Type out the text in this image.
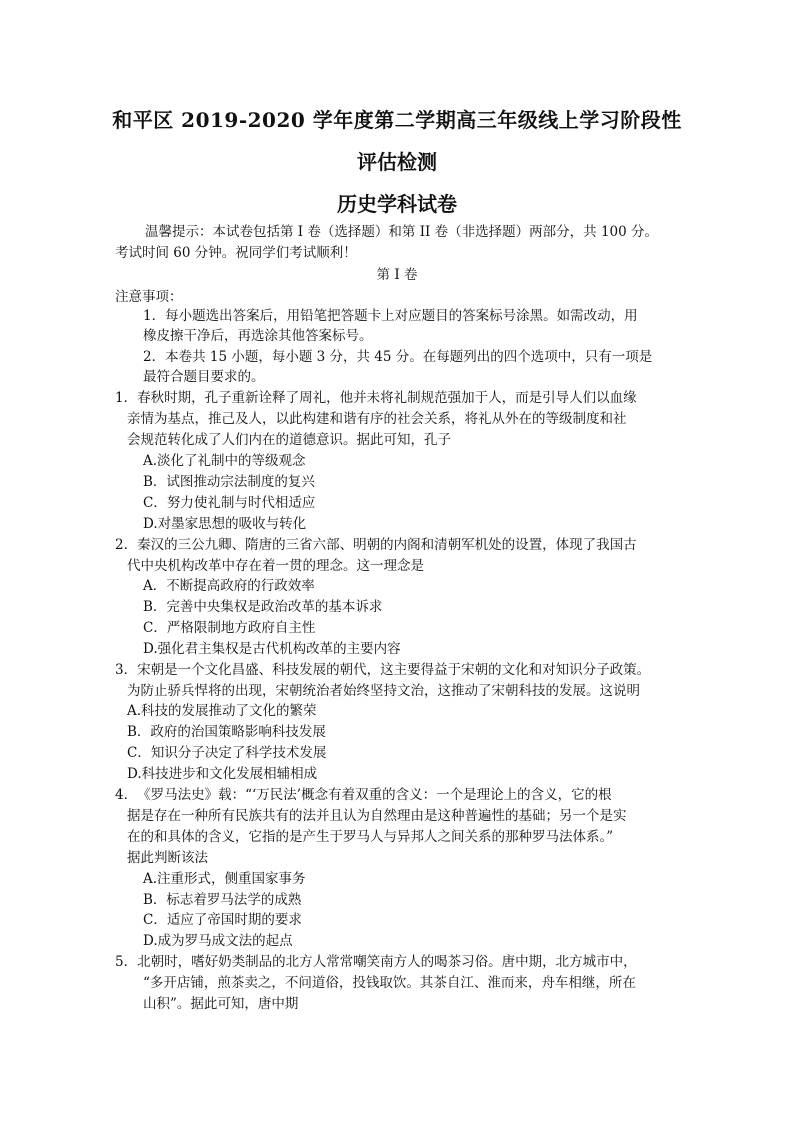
和平区 2019-2020 学年度第二学期高三年级线上学习阶段性
评估检测
历史学科试卷
温馨提示：本试卷包括第 I 卷（选择题）和第 II 卷（非选择题）两部分，共 100 分。
考试时间 60 分钟。祝同学们考试顺利！
第 I 卷
注意事项：
1．每小题选出答案后，用铅笔把答题卡上对应题目的答案标号涂黑。如需改动，用
橡皮擦干净后，再选涂其他答案标号。
2．本卷共 15 小题，每小题 3 分，共 45 分。在每题列出的四个选项中，只有一项是
最符合题目要求的。
1．春秋时期，孔子重新诠释了周礼，他并未将礼制规范强加于人，而是引导人们以血缘
亲情为基点，推己及人，以此构建和谐有序的社会关系，将礼从外在的等级制度和社
会规范转化成了人们内在的道德意识。据此可知，孔子
A.淡化了礼制中的等级观念
B．试图推动宗法制度的复兴
C．努力使礼制与时代相适应
D.对墨家思想的吸收与转化
2．秦汉的三公九卿、隋唐的三省六部、明朝的内阁和清朝军机处的设置，体现了我国古
代中央机构改革中存在着一贯的理念。这一理念是
A．不断提高政府的行政效率
B．完善中央集权是政治改革的基本诉求
C．严格限制地方政府自主性
D.强化君主集权是古代机构改革的主要内容
3．宋朝是一个文化昌盛、科技发展的朝代，这主要得益于宋朝的文化和对知识分子政策。
为防止骄兵悍将的出现，宋朝统治者始终坚持文治，这推动了宋朝科技的发展。这说明
A.科技的发展推动了文化的繁荣
B．政府的治国策略影响科技发展
C．知识分子决定了科学技术发展
D.科技进步和文化发展相辅相成
4．　《罗马法史》载：“‘万民法’概念有着双重的含义：一个是理论上的含义，它的根
据是存在一种所有民族共有的法并且认为自然理由是这种普遍性的基础；另一个是实
在的和具体的含义，它指的是产生于罗马人与异邦人之间关系的那种罗马法体系。”
据此判断该法
A.注重形式，侧重国家事务
B．标志着罗马法学的成熟
C．适应了帝国时期的要求
D.成为罗马成文法的起点
5．北朝时，嗜好奶类制品的北方人常常嘲笑南方人的喝茶习俗。唐中期，北方城市中，
“多开店铺，煎茶卖之，不问道俗，投钱取饮。其茶自江、淮而来，舟车相继，所在
山积”。据此可知，唐中期
